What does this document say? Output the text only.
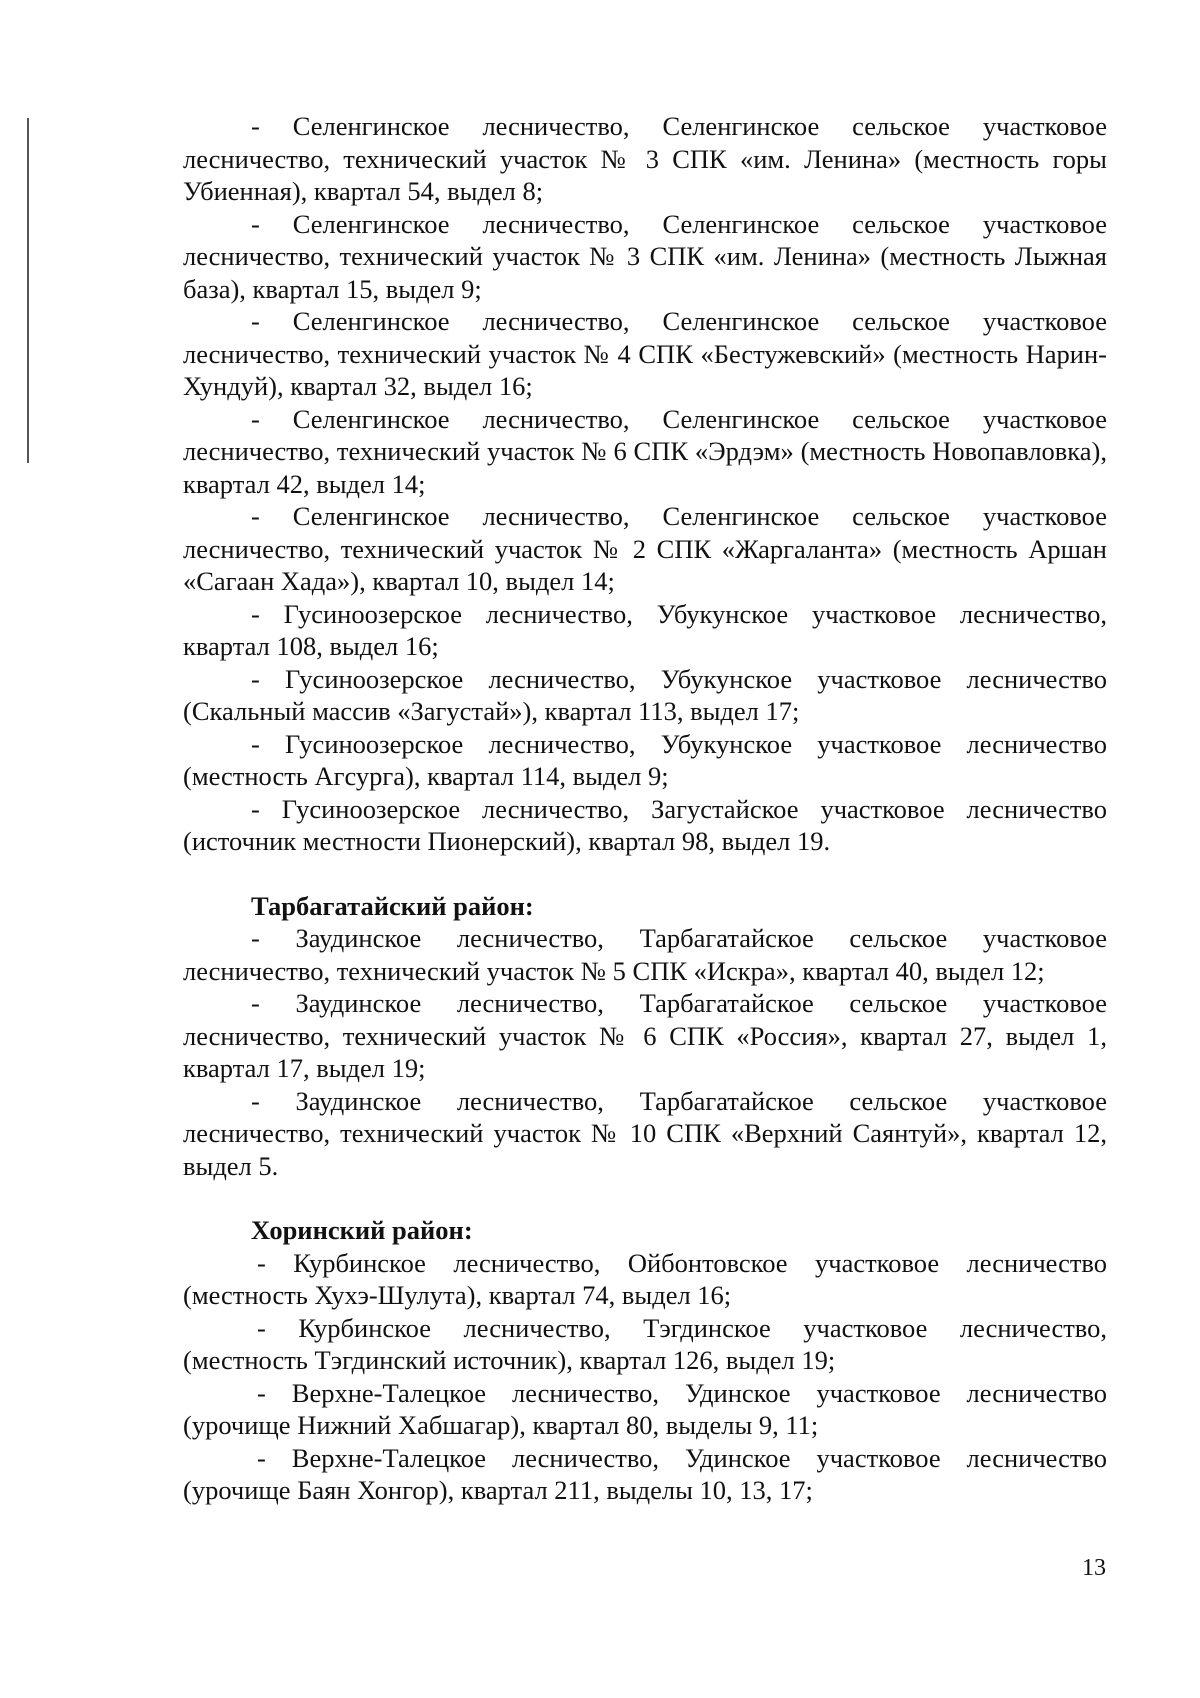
- Селенгинское лесничество, Селенгинское сельское участковое лесничество, технический участок № 3 СПК «им. Ленина» (местность горы Убиенная), квартал 54, выдел 8;

- Селенгинское лесничество, Селенгинское сельское участковое лесничество, технический участок № 3 СПК «им. Ленина» (местность Лыжная база), квартал 15, выдел 9;

- Селенгинское лесничество, Селенгинское сельское участковое лесничество, технический участок № 4 СПК «Бестужевский» (местность Нарин-Хундуй), квартал 32, выдел 16;

- Селенгинское лесничество, Селенгинское сельское участковое лесничество, технический участок № 6 СПК «Эрдэм» (местность Новопавловка), квартал 42, выдел 14;

- Селенгинское лесничество, Селенгинское сельское участковое лесничество, технический участок № 2 СПК «Жаргаланта» (местность Аршан «Сагаан Хада»), квартал 10, выдел 14;

- Гусиноозерское лесничество, Убукунское участковое лесничество, квартал 108, выдел 16;

- Гусиноозерское лесничество, Убукунское участковое лесничество (Скальный массив «Загустай»), квартал 113, выдел 17;

- Гусиноозерское лесничество, Убукунское участковое лесничество (местность Агсурга), квартал 114, выдел 9;

- Гусиноозерское лесничество, Загустайское участковое лесничество (источник местности Пионерский), квартал 98, выдел 19.

Тарбагатайский район:

- Заудинское лесничество, Тарбагатайское сельское участковое лесничество, технический участок № 5 СПК «Искра», квартал 40, выдел 12;

- Заудинское лесничество, Тарбагатайское сельское участковое лесничество, технический участок № 6 СПК «Россия», квартал 27, выдел 1, квартал 17, выдел 19;

- Заудинское лесничество, Тарбагатайское сельское участковое лесничество, технический участок № 10 СПК «Верхний Саянтуй», квартал 12, выдел 5.

Хоринский район:

- Курбинское лесничество, Ойбонтовское участковое лесничество (местность Хухэ-Шулута), квартал 74, выдел 16;

- Курбинское лесничество, Тэгдинское участковое лесничество, (местность Тэгдинский источник), квартал 126, выдел 19;

- Верхне-Талецкое лесничество, Удинское участковое лесничество (урочище Нижний Хабшагар), квартал 80, выделы 9, 11;

- Верхне-Талецкое лесничество, Удинское участковое лесничество (урочище Баян Хонгор), квартал 211, выделы 10, 13, 17;

13
